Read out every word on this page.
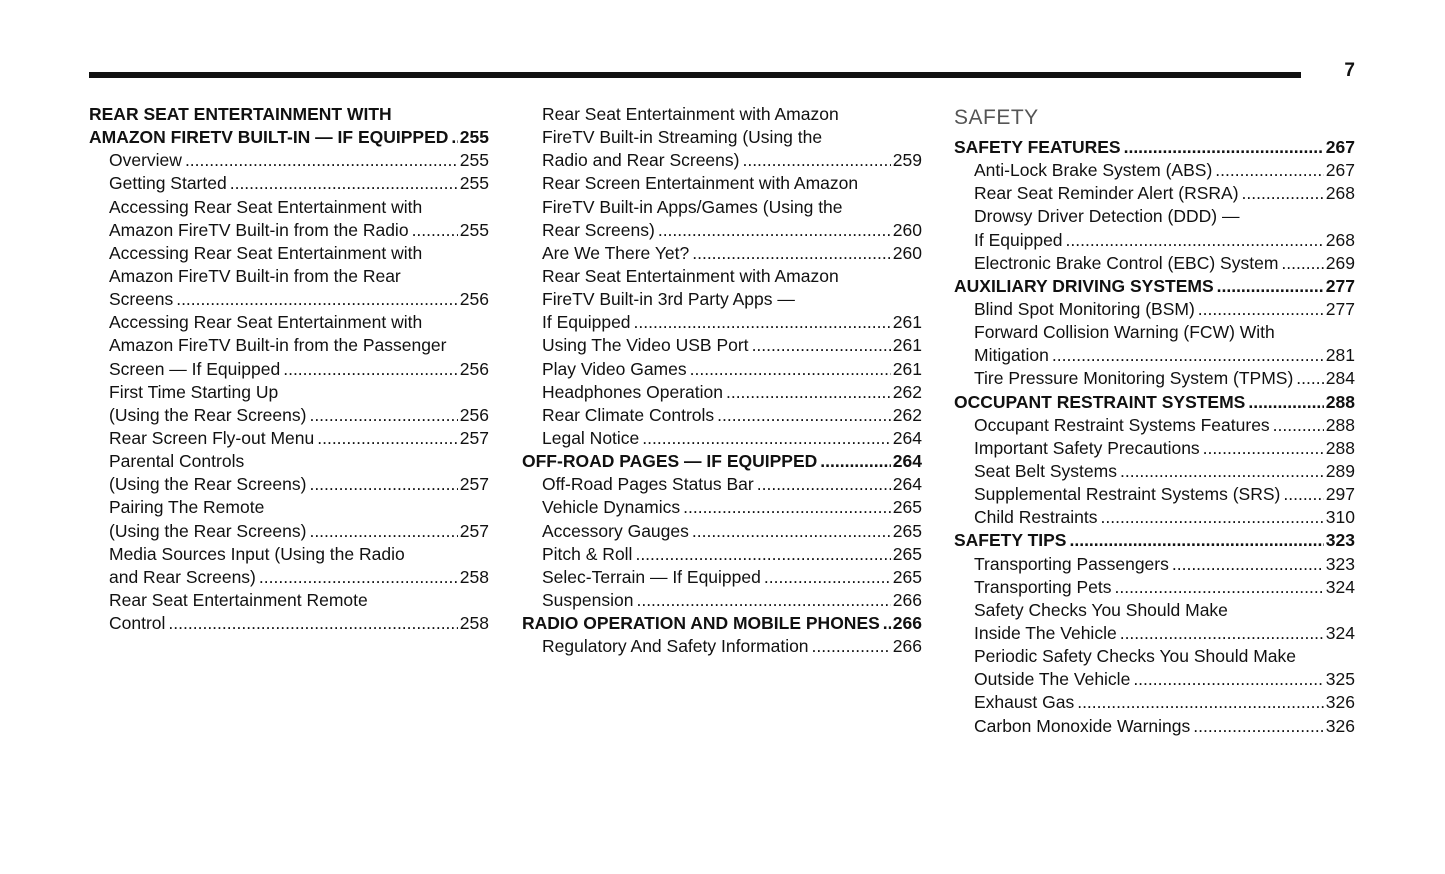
7
REAR SEAT ENTERTAINMENT WITH
AMAZON FIRETV BUILT-IN — IF EQUIPPED ..... 255
Overview .....	255
Getting Started .....	255
Accessing Rear Seat Entertainment with
Amazon FireTV Built-in from the Radio .....	255
Accessing Rear Seat Entertainment with
Amazon FireTV Built-in from the Rear
Screens .....	256
Accessing Rear Seat Entertainment with
Amazon FireTV Built-in from the Passenger
Screen — If Equipped .....	256
First Time Starting Up
(Using the Rear Screens) .....	256
Rear Screen Fly-out Menu .....	257
Parental Controls
(Using the Rear Screens) .....	257
Pairing The Remote
(Using the Rear Screens) .....	257
Media Sources Input (Using the Radio
and Rear Screens) .....	258
Rear Seat Entertainment Remote
Control .....	258
Rear Seat Entertainment with Amazon
FireTV Built-in Streaming (Using the
Radio and Rear Screens) .....	259
Rear Screen Entertainment with Amazon
FireTV Built-in Apps/Games (Using the
Rear Screens) .....	260
Are We There Yet? .....	260
Rear Seat Entertainment with Amazon
FireTV Built-in 3rd Party Apps —
If Equipped .....	261
Using The Video USB Port .....	261
Play Video Games .....	261
Headphones Operation .....	262
Rear Climate Controls .....	262
Legal Notice .....	264
OFF-ROAD PAGES — IF EQUIPPED .....	264
Off-Road Pages Status Bar .....	264
Vehicle Dynamics .....	265
Accessory Gauges .....	265
Pitch & Roll .....	265
Selec-Terrain — If Equipped .....	265
Suspension .....	266
RADIO OPERATION AND MOBILE PHONES ..... 266
Regulatory And Safety Information .....	266
SAFETY
SAFETY FEATURES .....	267
Anti-Lock Brake System (ABS) .....	267
Rear Seat Reminder Alert (RSRA) .....	268
Drowsy Driver Detection (DDD) —
If Equipped .....	268
Electronic Brake Control (EBC) System .....	269
AUXILIARY DRIVING SYSTEMS .....	277
Blind Spot Monitoring (BSM) .....	277
Forward Collision Warning (FCW) With
Mitigation .....	281
Tire Pressure Monitoring System (TPMS) ..... 284
OCCUPANT RESTRAINT SYSTEMS .....	288
Occupant Restraint Systems Features .....	288
Important Safety Precautions .....	288
Seat Belt Systems .....	289
Supplemental Restraint Systems (SRS) .....	297
Child Restraints .....	310
SAFETY TIPS .....	323
Transporting Passengers .....	323
Transporting Pets .....	324
Safety Checks You Should Make
Inside The Vehicle .....	324
Periodic Safety Checks You Should Make
Outside The Vehicle .....	325
Exhaust Gas .....	326
Carbon Monoxide Warnings .....	326
